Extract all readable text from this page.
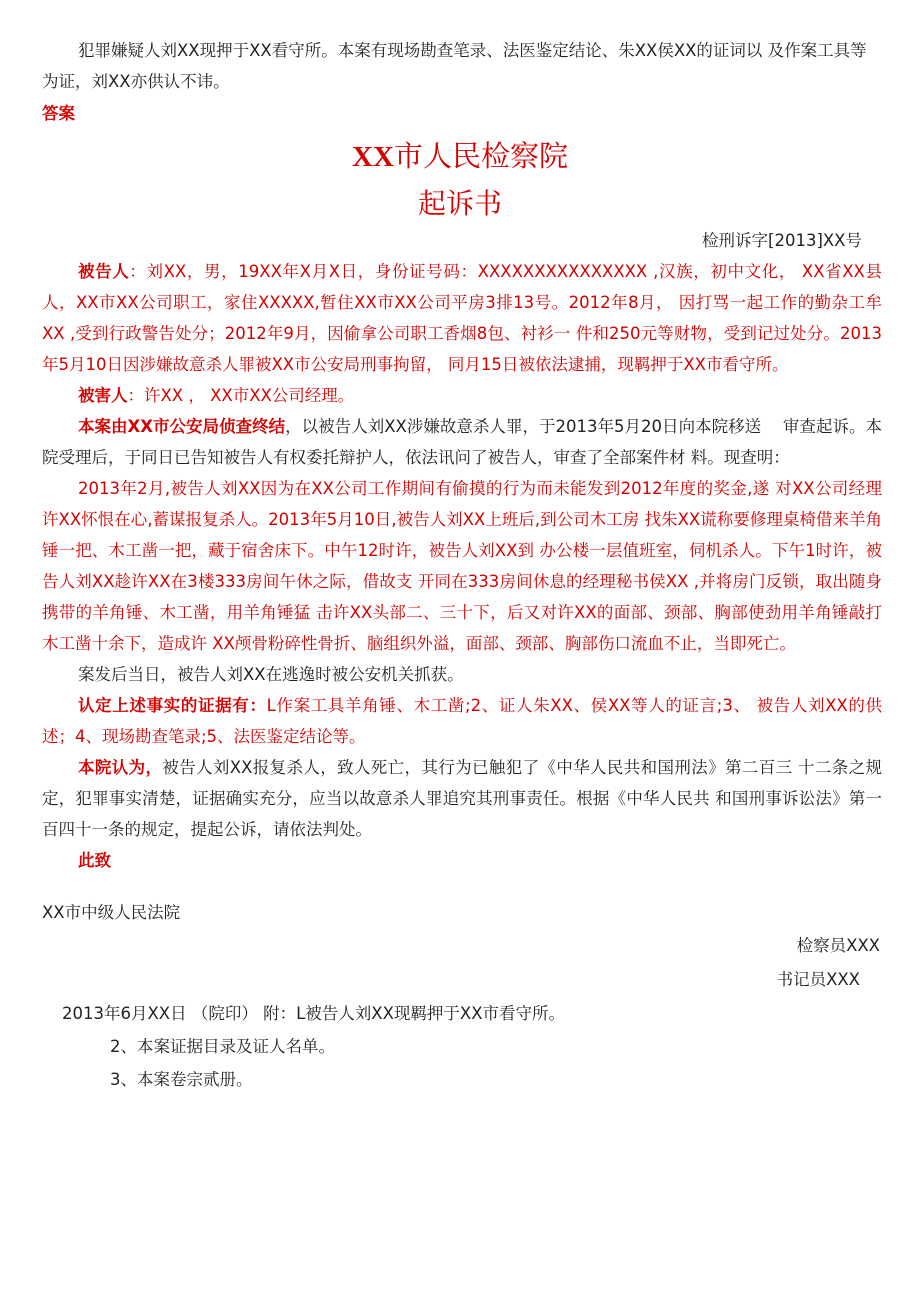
犯罪嫌疑人刘XX现押于XX看守所。本案有现场勘查笔录、法医鉴定结论、朱XX侯XX的证词以 及作案工具等为证，刘XX亦供认不讳。

答案

XX市人民检察院

起诉书

检刑诉字[2013]XX号

被告人：刘XX，男，19XX年X月X日，身份证号码：XXXXXXXXXXXXXXX ,汉族，初中文化， XX省XX县人，XX市XX公司职工，家住XXXXX,暂住XX市XX公司平房3排13号。2012年8月， 因打骂一起工作的勤杂工牟XX ,受到行政警告处分；2012年9月，因偷拿公司职工香烟8包、衬衫一 件和250元等财物，受到记过处分。2013年5月10日因涉嫌故意杀人罪被XX市公安局刑事拘留， 同月15日被依法逮捕，现羁押于XX市看守所。

被害人：许XX ， XX市XX公司经理。

本案由XX市公安局侦查终结，以被告人刘XX涉嫌故意杀人罪，于2013年5月20日向本院移送　 审查起诉。本院受理后，于同日已告知被告人有权委托辩护人，依法讯问了被告人，审查了全部案件材 料。现查明：

2013年2月,被告人刘XX因为在XX公司工作期间有偷摸的行为而未能发到2012年度的奖金,遂 对XX公司经理许XX怀恨在心,蓄谋报复杀人。2013年5月10日,被告人刘XX上班后,到公司木工房 找朱XX谎称要修理桌椅借来羊角锤一把、木工凿一把，藏于宿舍床下。中午12时许，被告人刘XX到 办公楼一层值班室，伺机杀人。下午1时许，被告人刘XX趁许XX在3楼333房间午休之际，借故支 开同在333房间休息的经理秘书侯XX ,并将房门反锁，取出随身携带的羊角锤、木工凿，用羊角锤猛 击许XX头部二、三十下，后又对许XX的面部、颈部、胸部使劲用羊角锤敲打木工凿十余下，造成许 XX颅骨粉碎性骨折、脑组织外溢，面部、颈部、胸部伤口流血不止，当即死亡。

案发后当日，被告人刘XX在逃逸时被公安机关抓获。

认定上述事实的证据有：L作案工具羊角锤、木工凿;2、证人朱XX、侯XX等人的证言;3、 被告人刘XX的供述；4、现场勘查笔录;5、法医鉴定结论等。

本院认为，被告人刘XX报复杀人，致人死亡，其行为已触犯了《中华人民共和国刑法》第二百三 十二条之规定，犯罪事实清楚，证据确实充分，应当以故意杀人罪追究其刑事责任。根据《中华人民共 和国刑事诉讼法》第一百四十一条的规定，提起公诉，请依法判处。

此致

XX市中级人民法院

检察员XXX

书记员XXX

2013年6月XX日 （院印） 附：L被告人刘XX现羁押于XX市看守所。

2、本案证据目录及证人名单。

3、本案卷宗贰册。
